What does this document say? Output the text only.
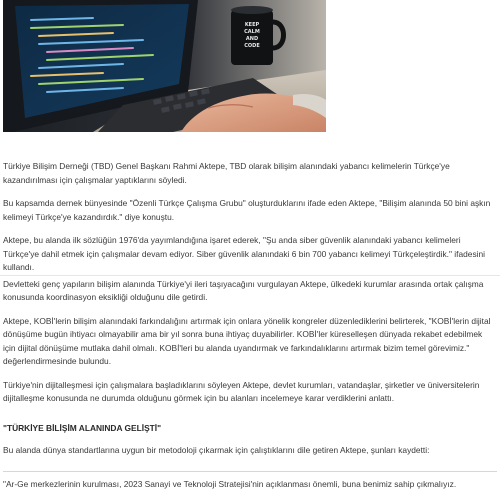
KEEP
CALM
AND
CODE

Türkiye Bilişim Derneği (TBD) Genel Başkanı Rahmi Aktepe, TBD olarak bilişim alanındaki yabancı kelimelerin Türkçe'ye kazandırılması için çalışmalar yaptıklarını söyledi.

Bu kapsamda dernek bünyesinde "Özenli Türkçe Çalışma Grubu" oluşturduklarını ifade eden Aktepe, "Bilişim alanında 50 bini aşkın kelimeyi Türkçe'ye kazandırdık." diye konuştu.

Aktepe, bu alanda ilk sözlüğün 1976'da yayımlandığına işaret ederek, "Şu anda siber güvenlik alanındaki yabancı kelimeleri Türkçe'ye dahil etmek için çalışmalar devam ediyor. Siber güvenlik alanındaki 6 bin 700 yabancı kelimeyi Türkçeleştirdik." ifadesini kullandı.

Devletteki genç yapıların bilişim alanında Türkiye'yi ileri taşıyacağını vurgulayan Aktepe, ülkedeki kurumlar arasında ortak çalışma konusunda koordinasyon eksikliği olduğunu dile getirdi.

Aktepe, KOBİ'lerin bilişim alanındaki farkındalığını artırmak için onlara yönelik kongreler düzenlediklerini belirterek, "KOBİ'lerin dijital dönüşüme bugün ihtiyacı olmayabilir ama bir yıl sonra buna ihtiyaç duyabilirler. KOBİ'ler küreselleşen dünyada rekabet edebilmek için dijital dönüşüme mutlaka dahil olmalı. KOBİ'leri bu alanda uyandırmak ve farkındalıklarını artırmak bizim temel görevimiz." değerlendirmesinde bulundu.

Türkiye'nin dijitalleşmesi için çalışmalara başladıklarını söyleyen Aktepe, devlet kurumları, vatandaşlar, şirketler ve üniversitelerin dijitalleşme konusunda ne durumda olduğunu görmek için bu alanları incelemeye karar verdiklerini anlattı.

"TÜRKİYE BİLİŞİM ALANINDA GELİŞTİ"

Bu alanda dünya standartlarına uygun bir metodoloji çıkarmak için çalıştıklarını dile getiren Aktepe, şunları kaydetti:

"Ar-Ge merkezlerinin kurulması, 2023 Sanayi ve Teknoloji Stratejisi'nin açıklanması önemli, buna benimiz sahip çıkmalıyız.
